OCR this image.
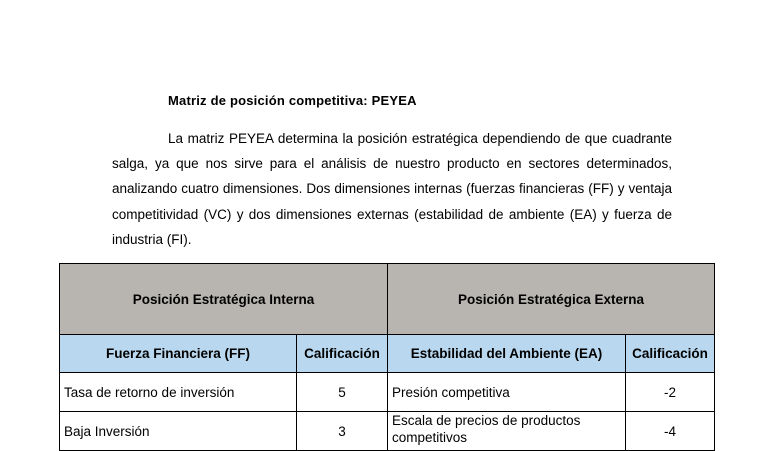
Matriz de posición competitiva: PEYEA
La matriz PEYEA determina la posición estratégica dependiendo de que cuadrante salga, ya que nos sirve para el análisis de nuestro producto en sectores determinados, analizando cuatro dimensiones. Dos dimensiones internas (fuerzas financieras (FF) y ventaja competitividad (VC) y dos dimensiones externas (estabilidad de ambiente (EA) y fuerza de industria (FI).
Posición Estratégica Interna		Posición Estratégica Externa	
Fuerza Financiera (FF)	Calificación	Estabilidad del Ambiente (EA)	Calificación
Tasa de retorno de inversión	5	Presión competitiva	-2
Baja Inversión	3	Escala de precios de productos competitivos	-4
